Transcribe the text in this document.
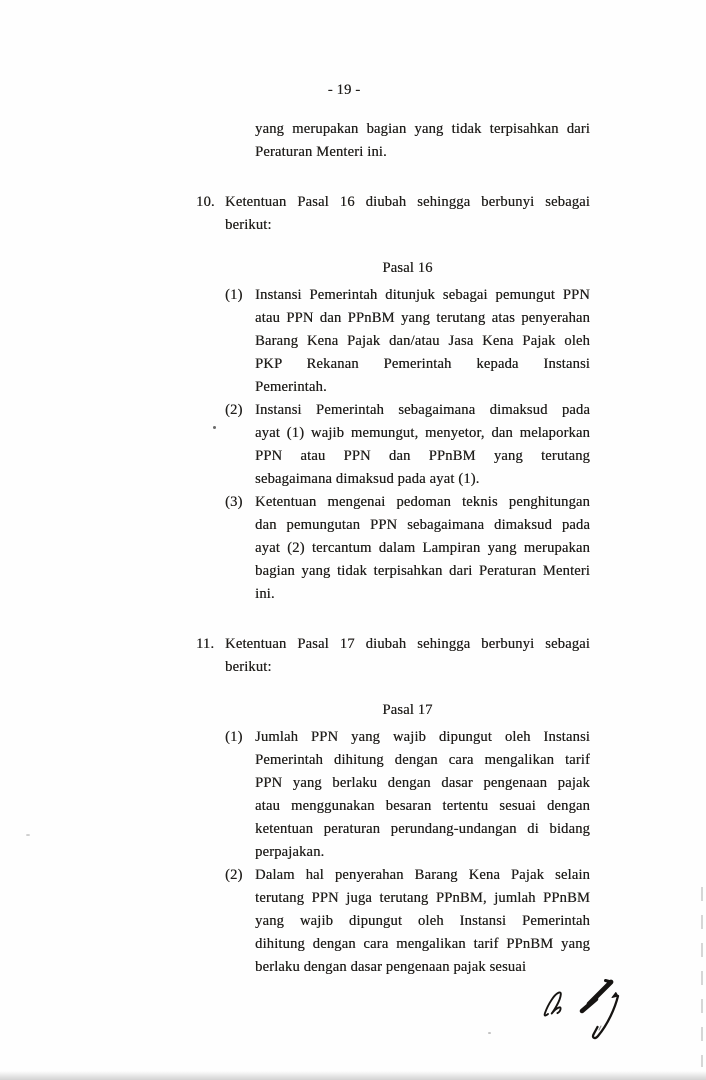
- 19 -
yang merupakan bagian yang tidak terpisahkan dari
Peraturan Menteri ini.
10. Ketentuan Pasal 16 diubah sehingga berbunyi sebagai
berikut:
Pasal 16
(1) Instansi Pemerintah ditunjuk sebagai pemungut PPN
atau PPN dan PPnBM yang terutang atas penyerahan
Barang Kena Pajak dan/atau Jasa Kena Pajak oleh
PKP Rekanan Pemerintah kepada Instansi
Pemerintah.
(2) Instansi Pemerintah sebagaimana dimaksud pada
ayat (1) wajib memungut, menyetor, dan melaporkan
PPN atau PPN dan PPnBM yang terutang
sebagaimana dimaksud pada ayat (1).
(3) Ketentuan mengenai pedoman teknis penghitungan
dan pemungutan PPN sebagaimana dimaksud pada
ayat (2) tercantum dalam Lampiran yang merupakan
bagian yang tidak terpisahkan dari Peraturan Menteri
ini.
11. Ketentuan Pasal 17 diubah sehingga berbunyi sebagai
berikut:
Pasal 17
(1) Jumlah PPN yang wajib dipungut oleh Instansi
Pemerintah dihitung dengan cara mengalikan tarif
PPN yang berlaku dengan dasar pengenaan pajak
atau menggunakan besaran tertentu sesuai dengan
ketentuan peraturan perundang-undangan di bidang
perpajakan.
(2) Dalam hal penyerahan Barang Kena Pajak selain
terutang PPN juga terutang PPnBM, jumlah PPnBM
yang wajib dipungut oleh Instansi Pemerintah
dihitung dengan cara mengalikan tarif PPnBM yang
berlaku dengan dasar pengenaan pajak sesuai
